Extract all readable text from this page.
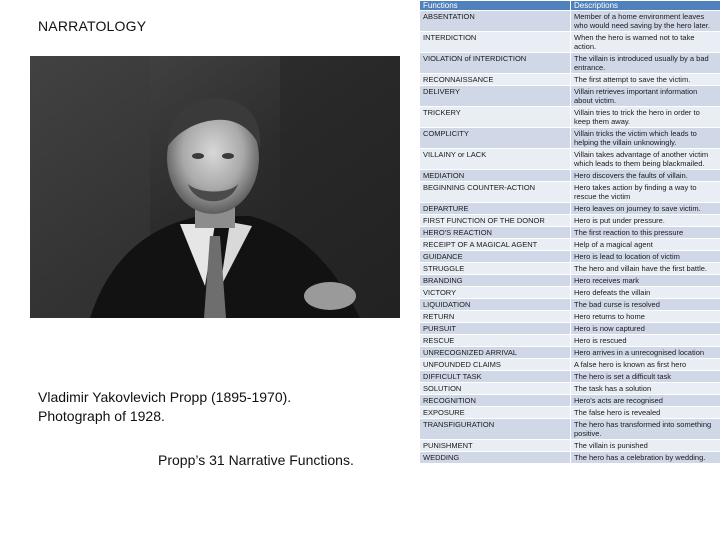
NARRATOLOGY
Vladimir Yakovlevich Propp (1895-1970).
Photograph of 1928.
Propp’s 31 Narrative Functions.
Functions	Descriptions
ABSENTATION	Member of a home environment leaves who would need saving by the hero later.
INTERDICTION	When the hero is warned not to take action.
VIOLATION of INTERDICTION	The villain is introduced usually by a bad entrance.
RECONNAISSANCE	The first attempt to save the victim.
DELIVERY	Villain retrieves important information about victim.
TRICKERY	Villain tries to trick the hero in order to keep them away.
COMPLICITY	Villain tricks the victim which leads to helping the villain unknowingly.
VILLAINY or LACK	Villain takes advantage of another victim which leads to them being blackmailed.
MEDIATION	Hero discovers the faults of villain.
BEGINNING COUNTER-ACTION	Hero takes action by finding a way to rescue the victim
DEPARTURE	Hero leaves on journey to save victim.
FIRST FUNCTION OF THE DONOR	Hero is put under pressure.
HERO'S REACTION	The first reaction to this pressure
RECEIPT OF A MAGICAL AGENT	Help of a magical agent
GUIDANCE	Hero is lead to location of victim
STRUGGLE	The hero and villain have the first battle.
BRANDING	Hero receives mark
VICTORY	Hero defeats the villain
LIQUIDATION	The bad curse is resolved
RETURN	Hero returns to home
PURSUIT	Hero is now captured
RESCUE	Hero is rescued
UNRECOGNIZED ARRIVAL	Hero arrives in a unrecognised location
UNFOUNDED CLAIMS	A false hero is known as first hero
DIFFICULT TASK	The hero is set a difficult task
SOLUTION	The task has a solution
RECOGNITION	Hero's acts are recognised
EXPOSURE	The false hero is revealed
TRANSFIGURATION	The hero has transformed into something positive.
PUNISHMENT	The villain is punished
WEDDING	The hero has a celebration by wedding.
